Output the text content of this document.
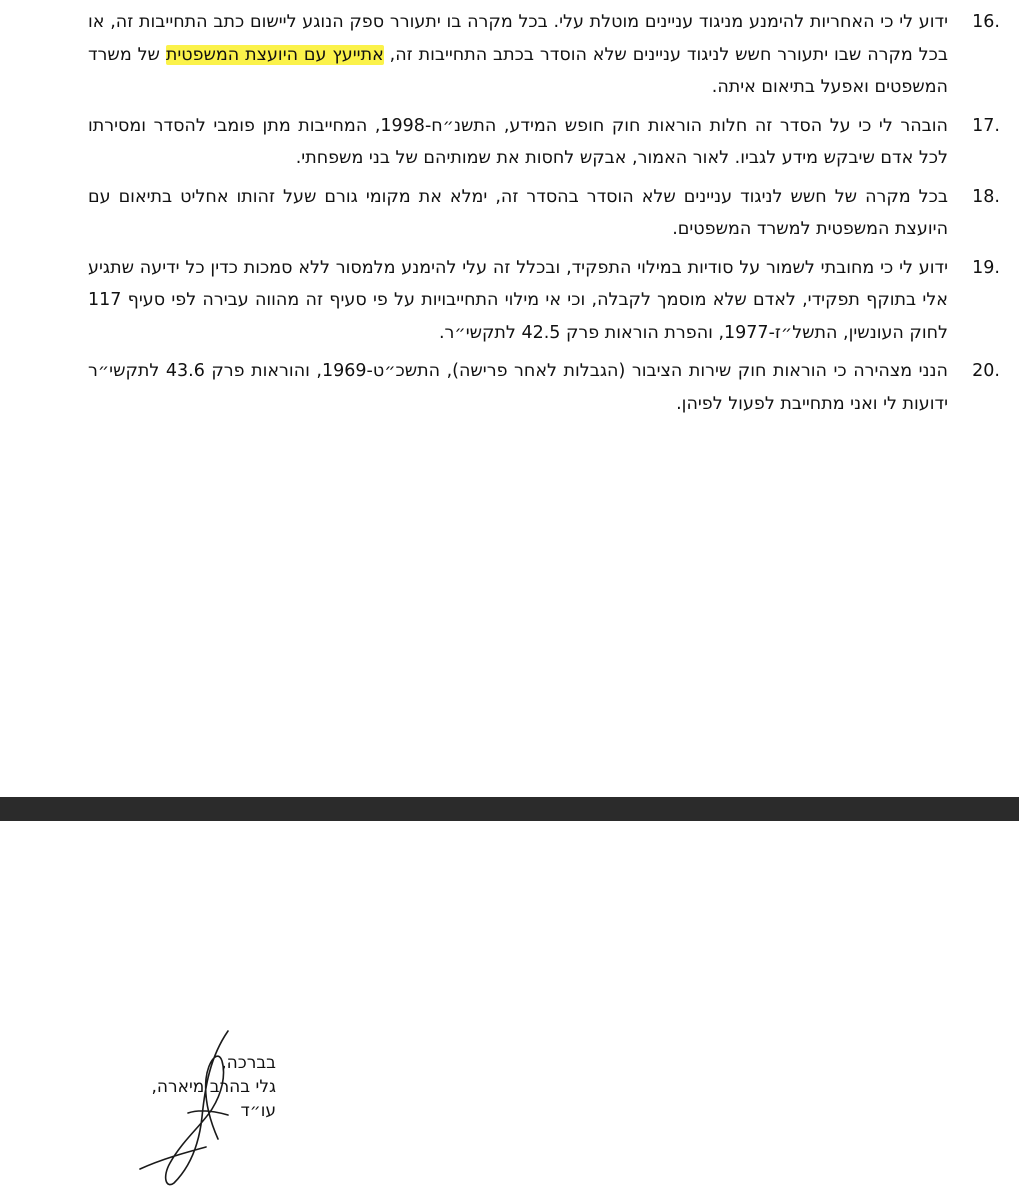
16.
ידוע לי כי האחריות להימנע מניגוד עניינים מוטלת עלי. בכל מקרה בו יתעורר ספק הנוגע ליישום כתב התחייבות זה, או בכל מקרה שבו יתעורר חשש לניגוד עניינים שלא הוסדר בכתב התחייבות זה, אתייעץ עם היועצת המשפטית של משרד המשפטים ואפעל בתיאום איתה.
17.
הובהר לי כי על הסדר זה חלות הוראות חוק חופש המידע, התשנ״ח-1998, המחייבות מתן פומבי להסדר ומסירתו לכל אדם שיבקש מידע לגביו. לאור האמור, אבקש לחסות את שמותיהם של בני משפחתי.
18.
בכל מקרה של חשש לניגוד עניינים שלא הוסדר בהסדר זה, ימלא את מקומי גורם שעל זהותו אחליט בתיאום עם היועצת המשפטית למשרד המשפטים.
19.
ידוע לי כי מחובתי לשמור על סודיות במילוי התפקיד, ובכלל זה עלי להימנע מלמסור ללא סמכות כדין כל ידיעה שתגיע אלי בתוקף תפקידי, לאדם שלא מוסמך לקבלה, וכי אי מילוי התחייבויות על פי סעיף זה מהווה עבירה לפי סעיף 117 לחוק העונשין, התשל״ז-1977, והפרת הוראות פרק 42.5 לתקשי״ר.
20.
הנני מצהירה כי הוראות חוק שירות הציבור (הגבלות לאחר פרישה), התשכ״ט-1969, והוראות פרק 43.6 לתקשי״ר ידועות לי ואני מתחייבת לפעול לפיהן.
בברכה,
גלי בהרב מיארה,
עו״ד
